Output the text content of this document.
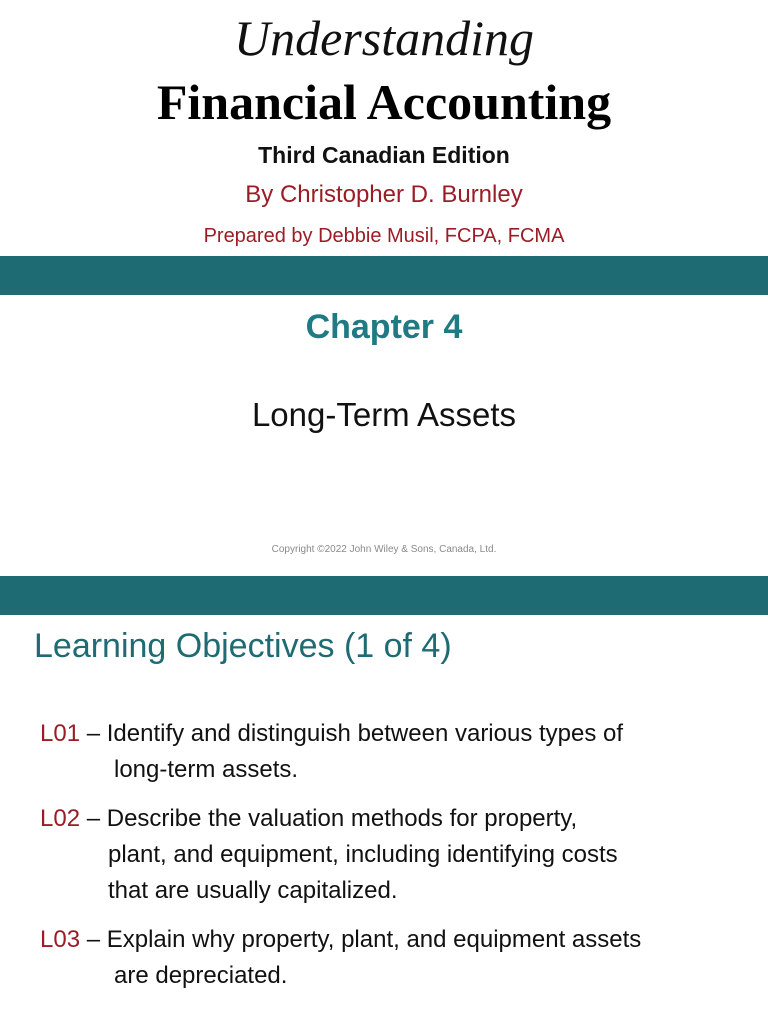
Understanding
Financial Accounting
Third Canadian Edition
By Christopher D. Burnley
Prepared by Debbie Musil, FCPA, FCMA
Chapter 4
Long-Term Assets
Copyright ©2022 John Wiley & Sons, Canada, Ltd.
Learning Objectives (1 of 4)
L01 – Identify and distinguish between various types of
long-term assets.
L02 – Describe the valuation methods for property,
plant, and equipment, including identifying costs
that are usually capitalized.
L03 – Explain why property, plant, and equipment assets
are depreciated.
